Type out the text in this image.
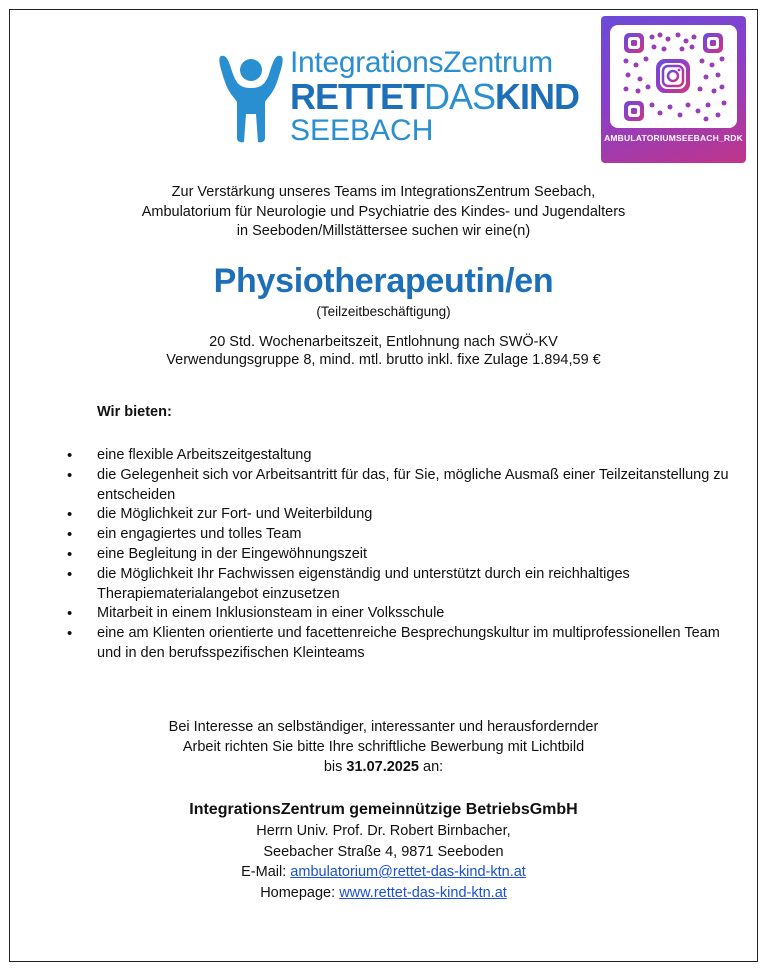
IntegrationsZentrum
RETTETDASKIND
SEEBACH	AMBULATORIUMSEEBACH_RDK
Zur Verstärkung unseres Teams im IntegrationsZentrum Seebach,
Ambulatorium für Neurologie und Psychiatrie des Kindes- und Jugendalters
in Seeboden/Millstättersee suchen wir eine(n)
Physiotherapeutin/en
(Teilzeitbeschäftigung)
20 Std. Wochenarbeitszeit, Entlohnung nach SWÖ-KV
Verwendungsgruppe 8, mind. mtl. brutto inkl. fixe Zulage 1.894,59 €
Wir bieten:
• eine flexible Arbeitszeitgestaltung
• die Gelegenheit sich vor Arbeitsantritt für das, für Sie, mögliche Ausmaß einer Teilzeitanstellung zu entscheiden
• die Möglichkeit zur Fort- und Weiterbildung
• ein engagiertes und tolles Team
• eine Begleitung in der Eingewöhnungszeit
• die Möglichkeit Ihr Fachwissen eigenständig und unterstützt durch ein reichhaltiges Therapiematerialangebot einzusetzen
• Mitarbeit in einem Inklusionsteam in einer Volksschule
• eine am Klienten orientierte und facettenreiche Besprechungskultur im multiprofessionellen Team und in den berufsspezifischen Kleinteams
Bei Interesse an selbständiger, interessanter und herausfordernder
Arbeit richten Sie bitte Ihre schriftliche Bewerbung mit Lichtbild
bis 31.07.2025 an:
IntegrationsZentrum gemeinnützige BetriebsGmbH
Herrn Univ. Prof. Dr. Robert Birnbacher,
Seebacher Straße 4, 9871 Seeboden
E-Mail: ambulatorium@rettet-das-kind-ktn.at
Homepage: www.rettet-das-kind-ktn.at
